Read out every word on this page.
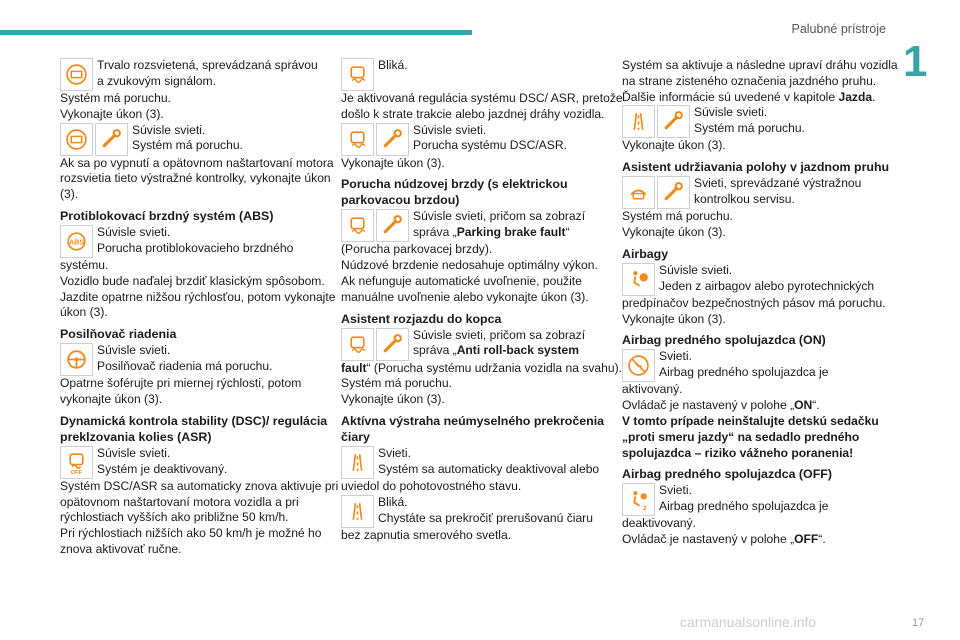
Palubné prístroje
1

Trvalo rozsvietená, sprevádzaná správou

a zvukovým signálom.

Systém má poruchu.

Vykonajte úkon (3).

Súvisle svieti.

Systém má poruchu.

Ak sa po vypnutí a opätovnom naštartovaní motora rozsvietia tieto výstražné kontrolky, vykonajte úkon (3).

Protiblokovací brzdný systém (ABS)
ABS

Súvisle svieti.

Porucha protiblokovacieho brzdného

systému.

Vozidlo bude naďalej brzdiť klasickým spôsobom.

Jazdite opatrne nižšou rýchlosťou, potom vykonajte úkon (3).

Posilňovač riadenia

Súvisle svieti.

Posilňovač riadenia má poruchu.

Opatrne šoférujte pri miernej rýchlosti, potom vykonajte úkon (3).

Dynamická kontrola stability (DSC)/ regulácia preklzovania kolies (ASR)
OFF

Súvisle svieti.

Systém je deaktivovaný.

Systém DSC/ASR sa automaticky znova aktivuje pri opätovnom naštartovaní motora vozidla a pri rýchlostiach vyšších ako približne 50 km/h.

Pri rýchlostiach nižších ako 50 km/h je možné ho znova aktivovať ručne.

Bliká.

Je aktivovaná regulácia systému DSC/ ASR, pretože došlo k strate trakcie alebo jazdnej dráhy vozidla.

Súvisle svieti.

Porucha systému DSC/ASR.

Vykonajte úkon (3).

Porucha núdzovej brzdy (s elektrickou parkovacou brzdou)

Súvisle svieti, pričom sa zobrazí

správa „Parking brake fault“

(Porucha parkovacej brzdy).

Núdzové brzdenie nedosahuje optimálny výkon.

Ak nefunguje automatické uvoľnenie, použite manuálne uvoľnenie alebo vykonajte úkon (3).

Asistent rozjazdu do kopca

Súvisle svieti, pričom sa zobrazí

správa „Anti roll-back system

fault“ (Porucha systému udržania vozidla na svahu).

Systém má poruchu.

Vykonajte úkon (3).

Aktívna výstraha neúmyselného prekročenia čiary

Svieti.

Systém sa automaticky deaktivoval alebo

uviedol do pohotovostného stavu.

Bliká.

Chystáte sa prekročiť prerušovanú čiaru

bez zapnutia smerového svetla.

Systém sa aktivuje a následne upraví dráhu vozidla na strane zisteného označenia jazdného pruhu.

Ďalšie informácie sú uvedené v kapitole Jazda.

Súvisle svieti.

Systém má poruchu.

Vykonajte úkon (3).

Asistent udržiavania polohy v jazdnom pruhu

Svieti, sprevádzané výstražnou

kontrolkou servisu.

Systém má poruchu.

Vykonajte úkon (3).

Airbagy

Súvisle svieti.

Jeden z airbagov alebo pyrotechnických

predpínačov bezpečnostných pásov má poruchu.

Vykonajte úkon (3).

Airbag predného spolujazdca (ON)

Svieti.

Airbag predného spolujazdca je

aktivovaný.

Ovládač je nastavený v polohe „ON“.

V tomto prípade neinštalujte detskú sedačku „proti smeru jazdy“ na sedadlo predného spolujazdca – riziko vážneho poranenia!

Airbag predného spolujazdca (OFF)
2

Svieti.

Airbag predného spolujazdca je

deaktivovaný.

Ovládač je nastavený v polohe „OFF“.

carmanualsonline.info	17
